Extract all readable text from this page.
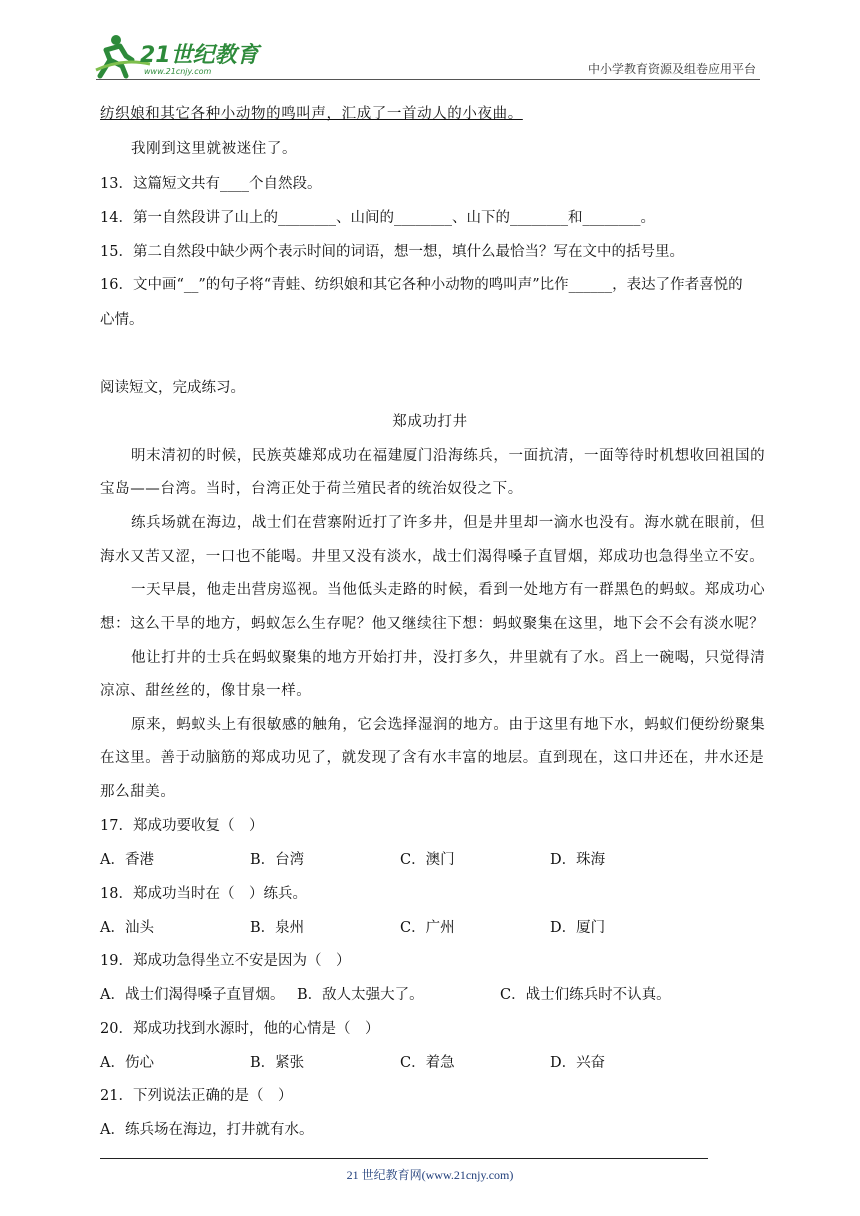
21世纪教育
www.21cnjy.com	中小学教育资源及组卷应用平台
纺织娘和其它各种小动物的鸣叫声，汇成了一首动人的小夜曲。
我刚到这里就被迷住了。
13．这篇短文共有____个自然段。
14．第一自然段讲了山上的________、山间的________、山下的________和________。
15．第二自然段中缺少两个表示时间的词语，想一想，填什么最恰当？写在文中的括号里。
16．文中画“__”的句子将“青蛙、纺织娘和其它各种小动物的鸣叫声”比作______，表达了作者喜悦的
心情。
阅读短文，完成练习。
郑成功打井
明末清初的时候，民族英雄郑成功在福建厦门沿海练兵，一面抗清，一面等待时机想收回祖国的
宝岛——台湾。当时，台湾正处于荷兰殖民者的统治奴役之下。
练兵场就在海边，战士们在营寨附近打了许多井，但是井里却一滴水也没有。海水就在眼前，但
海水又苦又涩，一口也不能喝。井里又没有淡水，战士们渴得嗓子直冒烟，郑成功也急得坐立不安。
一天早晨，他走出营房巡视。当他低头走路的时候，看到一处地方有一群黑色的蚂蚁。郑成功心
想：这么干旱的地方，蚂蚁怎么生存呢？他又继续往下想：蚂蚁聚集在这里，地下会不会有淡水呢？
他让打井的士兵在蚂蚁聚集的地方开始打井，没打多久，井里就有了水。舀上一碗喝，只觉得清
凉凉、甜丝丝的，像甘泉一样。
原来，蚂蚁头上有很敏感的触角，它会选择湿润的地方。由于这里有地下水，蚂蚁们便纷纷聚集
在这里。善于动脑筋的郑成功见了，就发现了含有水丰富的地层。直到现在，这口井还在，井水还是
那么甜美。
17．郑成功要收复（　）
A．香港	B．台湾	C．澳门	D．珠海
18．郑成功当时在（　）练兵。
A．汕头	B．泉州	C．广州	D．厦门
19．郑成功急得坐立不安是因为（　）
A．战士们渴得嗓子直冒烟。 B．敌人太强大了。	C．战士们练兵时不认真。
20．郑成功找到水源时，他的心情是（　）
A．伤心	B．紧张	C．着急	D．兴奋
21．下列说法正确的是（　）
A．练兵场在海边，打井就有水。
21 世纪教育网(www.21cnjy.com)
